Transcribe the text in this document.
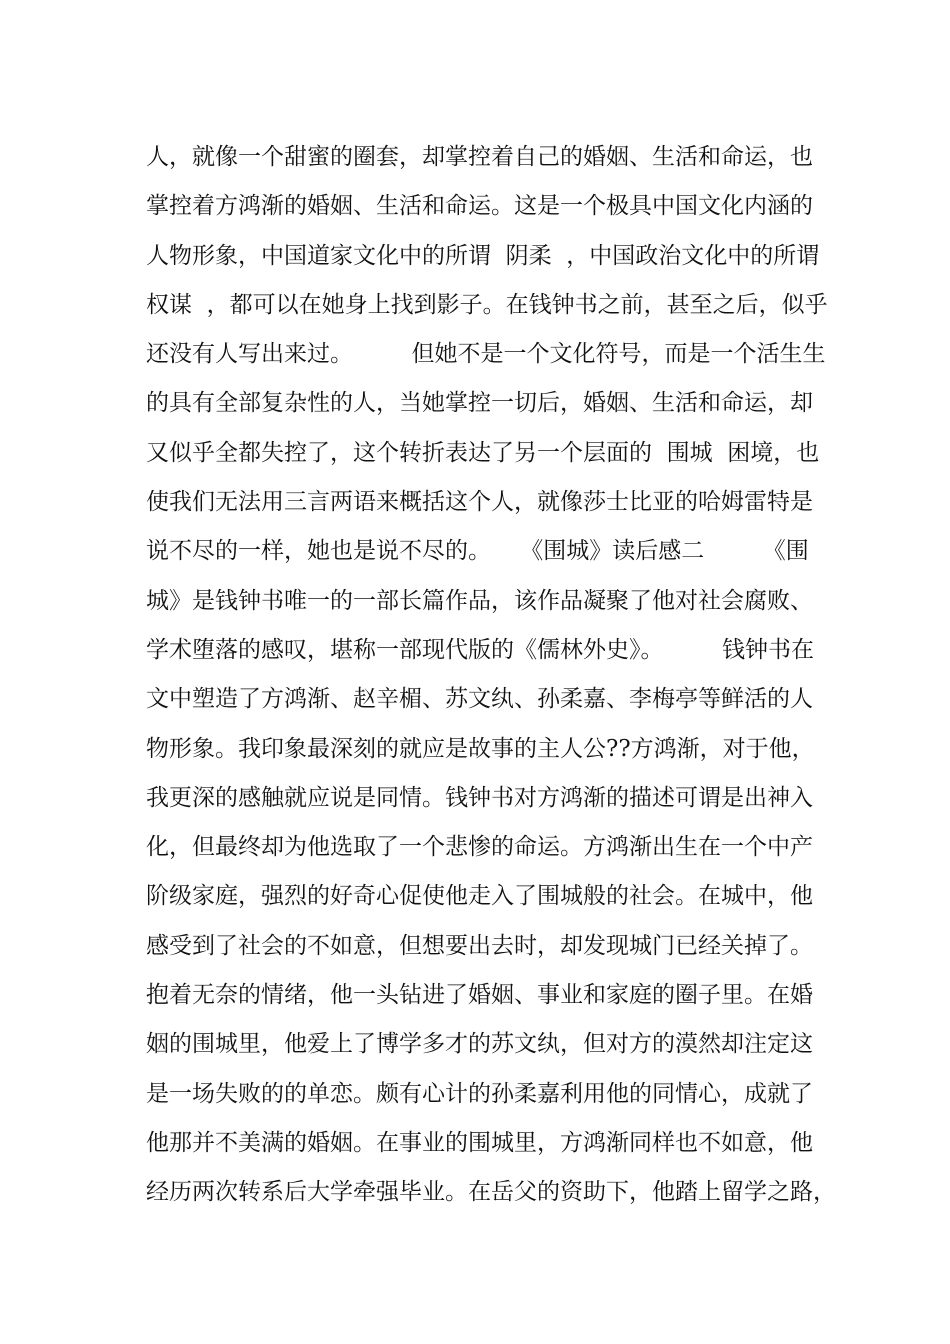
人，就像一个甜蜜的圈套，却掌控着自己的婚姻、生活和命运，也
掌控着方鸿渐的婚姻、生活和命运。这是一个极具中国文化内涵的
人物形象，中国道家文化中的所谓  阴柔  ，中国政治文化中的所谓
权谋  ，都可以在她身上找到影子。在钱钟书之前，甚至之后，似乎
还没有人写出来过。        但她不是一个文化符号，而是一个活生生
的具有全部复杂性的人，当她掌控一切后，婚姻、生活和命运，却
又似乎全都失控了，这个转折表达了另一个层面的  围城  困境，也
使我们无法用三言两语来概括这个人，就像莎士比亚的哈姆雷特是
说不尽的一样，她也是说不尽的。    《围城》读后感二        《围
城》是钱钟书唯一的一部长篇作品，该作品凝聚了他对社会腐败、
学术堕落的感叹，堪称一部现代版的《儒林外史》。        钱钟书在
文中塑造了方鸿渐、赵辛楣、苏文纨、孙柔嘉、李梅亭等鲜活的人
物形象。我印象最深刻的就应是故事的主人公??方鸿渐，对于他，
我更深的感触就应说是同情。钱钟书对方鸿渐的描述可谓是出神入
化，但最终却为他选取了一个悲惨的命运。方鸿渐出生在一个中产
阶级家庭，强烈的好奇心促使他走入了围城般的社会。在城中，他
感受到了社会的不如意，但想要出去时，却发现城门已经关掉了。
抱着无奈的情绪，他一头钻进了婚姻、事业和家庭的圈子里。在婚
姻的围城里，他爱上了博学多才的苏文纨，但对方的漠然却注定这
是一场失败的的单恋。颇有心计的孙柔嘉利用他的同情心，成就了
他那并不美满的婚姻。在事业的围城里，方鸿渐同样也不如意，他
经历两次转系后大学牵强毕业。在岳父的资助下，他踏上留学之路，
